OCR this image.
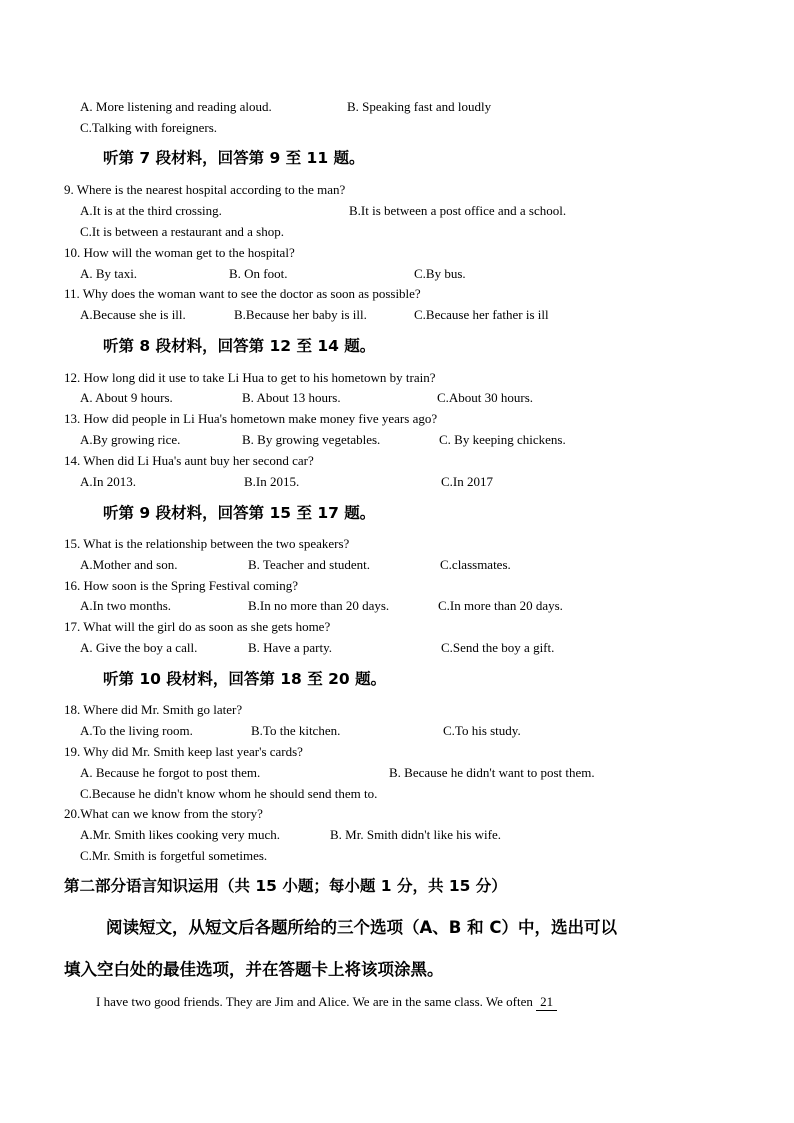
A. More listening and reading aloud.	B. Speaking fast and loudly
C.Talking with foreigners.
听第 7 段材料，回答第 9 至 11 题。
9. Where is the nearest hospital according to the man?
A.It is at the third crossing.	B.It is between a post office and a school.
C.It is between a restaurant and a shop.
10. How will the woman get to the hospital?
A. By taxi.	B. On foot.	C.By bus.
11. Why does the woman want to see the doctor as soon as possible?
A.Because she is ill.	B.Because her baby is ill.	C.Because her father is ill
听第 8 段材料，回答第 12 至 14 题。
12. How long did it use to take Li Hua to get to his hometown by train?
A. About 9 hours.	B. About 13 hours.	C.About 30 hours.
13. How did people in Li Hua's hometown make money five years ago?
A.By growing rice.	B. By growing vegetables.	C. By keeping chickens.
14. When did Li Hua's aunt buy her second car?
A.In 2013.	B.In 2015.	C.In 2017
听第 9 段材料，回答第 15 至 17 题。
15. What is the relationship between the two speakers?
A.Mother and son.	B. Teacher and student.	C.classmates.
16. How soon is the Spring Festival coming?
A.In two months.	B.In no more than 20 days.	C.In more than 20 days.
17. What will the girl do as soon as she gets home?
A. Give the boy a call.	B. Have a party.	C.Send the boy a gift.
听第 10 段材料，回答第 18 至 20 题。
18. Where did Mr. Smith go later?
A.To the living room.	B.To the kitchen.	C.To his study.
19. Why did Mr. Smith keep last year's cards?
A. Because he forgot to post them.	B. Because he didn't want to post them.
C.Because he didn't know whom he should send them to.
20.What can we know from the story?
A.Mr. Smith likes cooking very much.	B. Mr. Smith didn't like his wife.
C.Mr. Smith is forgetful sometimes.
第二部分语言知识运用（共 15 小题；每小题 1 分，共 15 分）
阅读短文，从短文后各题所给的三个选项（A、B 和 C）中，选出可以
填入空白处的最佳选项，并在答题卡上将该项涂黑。
I have two good friends. They are Jim and Alice. We are in the same class. We often 21
